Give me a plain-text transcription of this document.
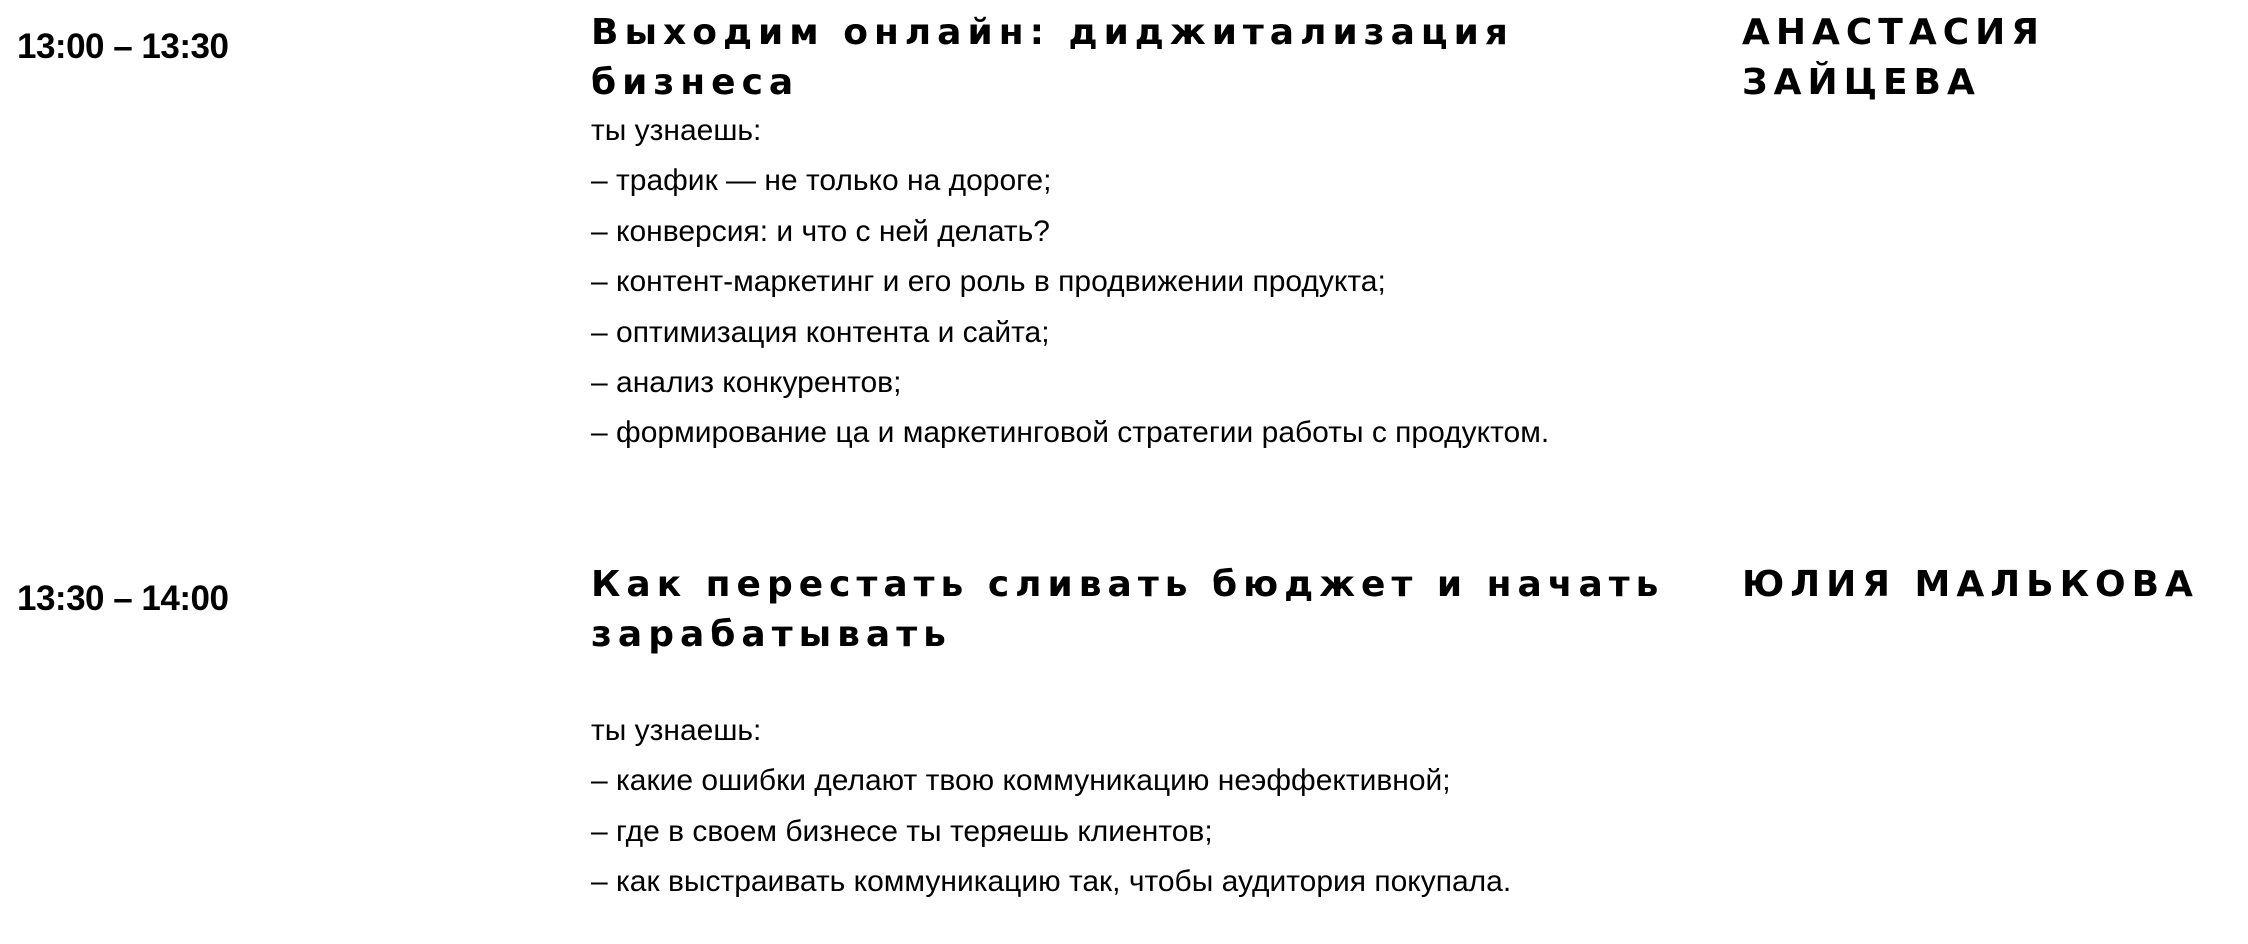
13:00 – 13:30	Выходим онлайн: диджитализация бизнеса
АНАСТАСИЯ
ЗАЙЦЕВА

ты узнаешь:

– трафик — не только на дороге;

– конверсия: и что с ней делать?

– контент-маркетинг и его роль в продвижении продукта;

– оптимизация контента и сайта;

– анализ конкурентов;

– формирование ца и маркетинговой стратегии работы с продуктом.

13:30 – 14:00	Как перестать сливать бюджет и начать
зарабатывать
ЮЛИЯ МАЛЬКОВА

ты узнаешь:

– какие ошибки делают твою коммуникацию неэффективной;

– где в своем бизнесе ты теряешь клиентов;

– как выстраивать коммуникацию так, чтобы аудитория покупала.
